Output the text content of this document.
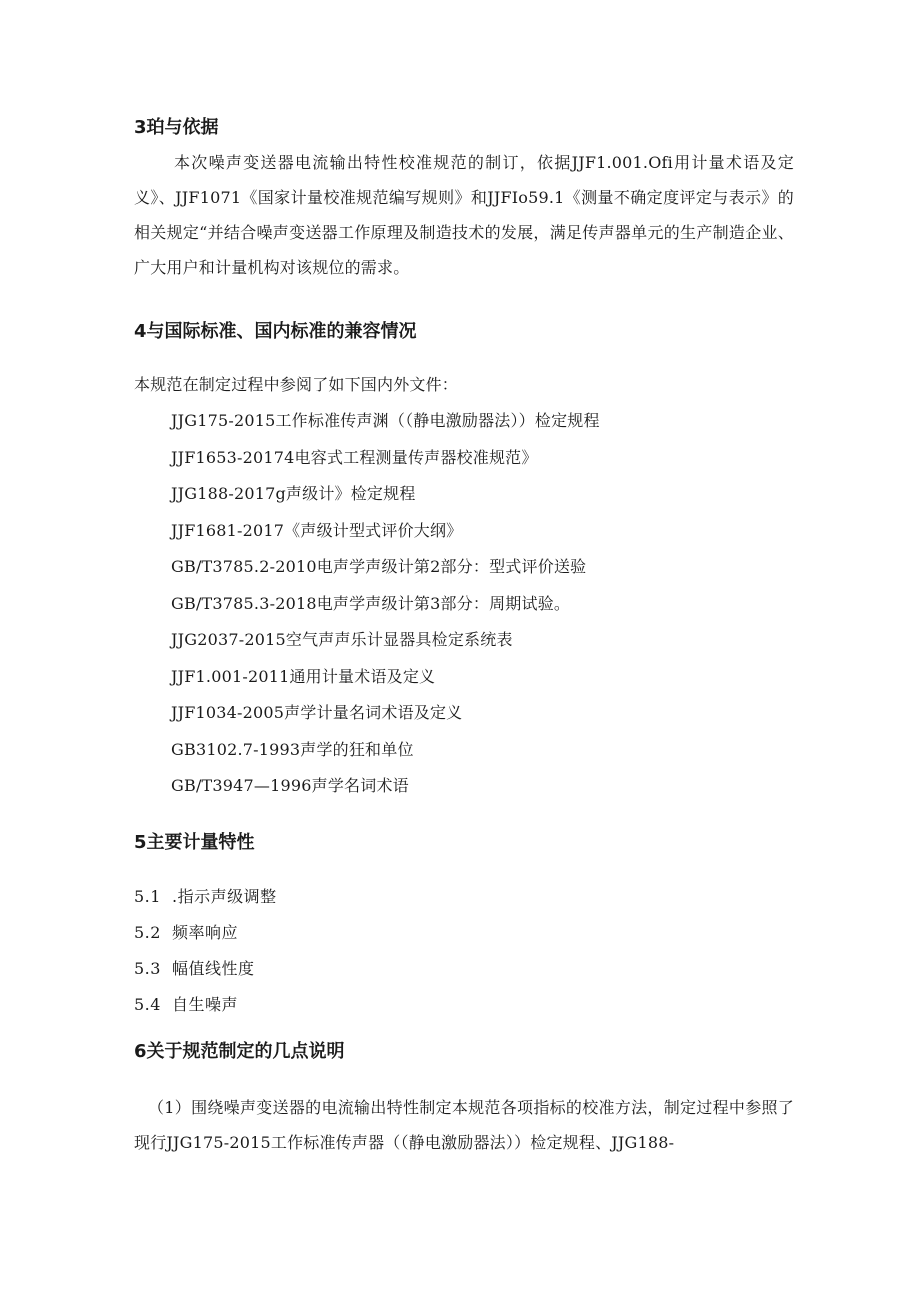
3珀与依据

本次噪声变送器电流输出特性校准规范的制订，依据JJF1.001.Ofi用计量术语及定义》、JJF1071《国家计量校准规范编写规则》和JJFIo59.1《测量不确定度评定与表示》的相关规定“并结合噪声变送器工作原理及制造技术的发展，满足传声器单元的生产制造企业、广大用户和计量机构对该规位的需求。

4与国际标准、国内标准的兼容情况

本规范在制定过程中参阅了如下国内外文件：

JJG175-2015工作标准传声渊（（静电激励器法））检定规程
JJF1653-20174电容式工程测量传声器校准规范》
JJG188-2017g声级计》检定规程
JJF1681-2017《声级计型式评价大纲》
GB/T3785.2-2010电声学声级计第2部分：型式评价送验
GB/T3785.3-2018电声学声级计第3部分：周期试验。
JJG2037-2015空气声声乐计显器具检定系统表
JJF1.001-2011通用计量术语及定义
JJF1034-2005声学计量名词术语及定义
GB3102.7-1993声学的狂和单位
GB/T3947—1996声学名词术语
5主要计量特性
5.1 .指示声级调整
5.2 频率响应
5.3 幅值线性度
5.4 自生噪声
6关于规范制定的几点说明

（1）围绕噪声变送器的电流输出特性制定本规范各项指标的校准方法，制定过程中参照了现行JJG175-2015工作标准传声器（（静电激励器法））检定规程、JJG188-
